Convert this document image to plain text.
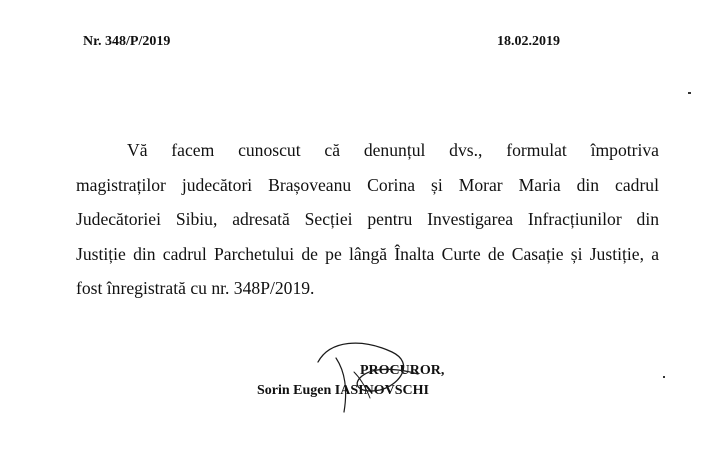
Nr. 348/P/2019	18.02.2019
Vă facem cunoscut că denunțul dvs., formulat împotriva
magistraților judecători Brașoveanu Corina și Morar Maria din cadrul
Judecătoriei Sibiu, adresată Secției pentru Investigarea Infracțiunilor din
Justiție din cadrul Parchetului de pe lângă Înalta Curte de Casație și Justiție, a
fost înregistrată cu nr. 348P/2019.
PROCUROR,
Sorin Eugen IASINOVSCHI
